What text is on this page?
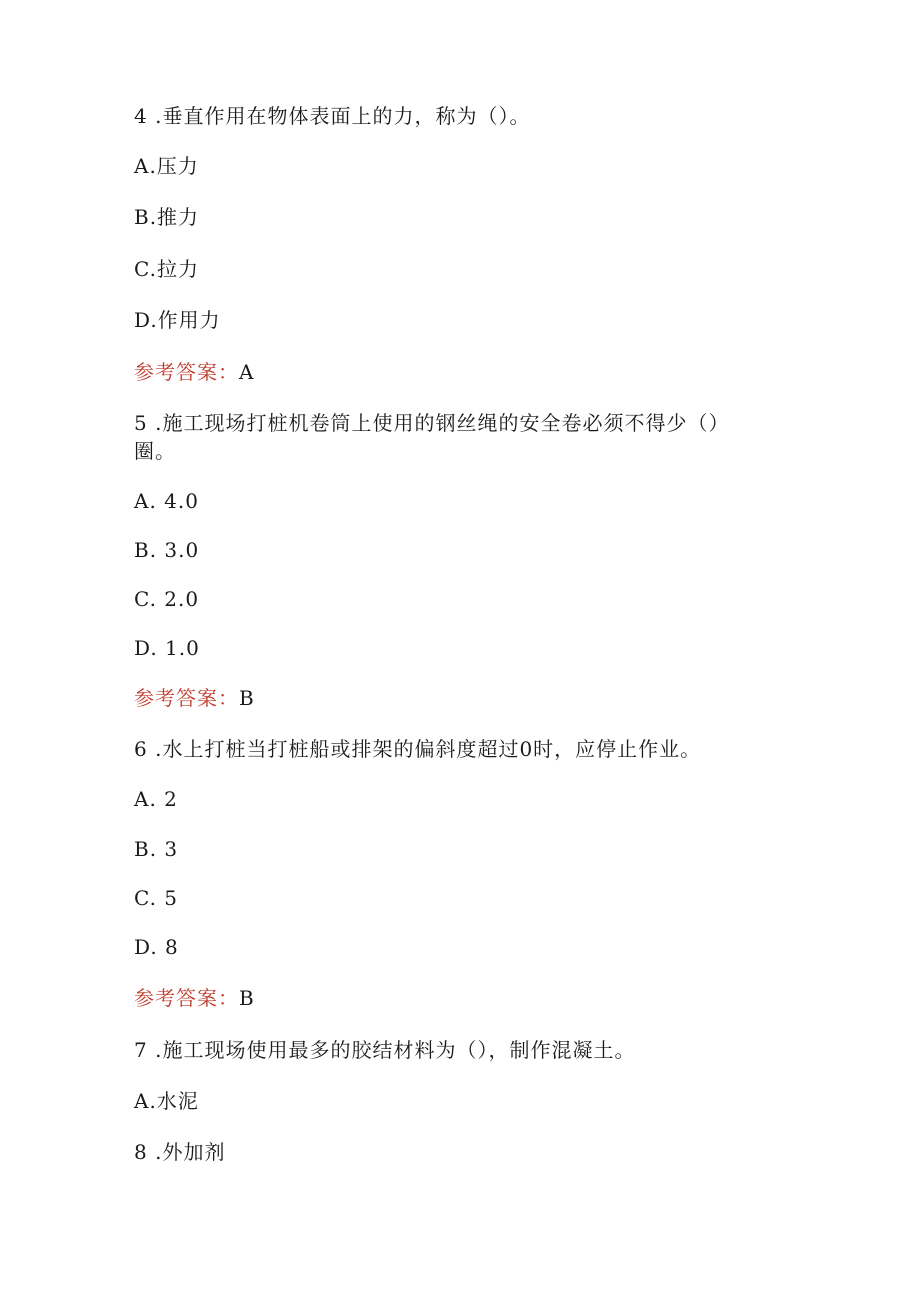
4 .垂直作用在物体表面上的力，称为（）。
A.压力
B.推力
C.拉力
D.作用力
参考答案：A
5 .施工现场打桩机卷筒上使用的钢丝绳的安全卷必须不得少（）
圈。
A. 4.0
B. 3.0
C. 2.0
D. 1.0
参考答案：B
6 .水上打桩当打桩船或排架的偏斜度超过0时，应停止作业。
A. 2
B. 3
C. 5
D. 8
参考答案：B
7 .施工现场使用最多的胶结材料为（），制作混凝土。
A.水泥
8 .外加剂
